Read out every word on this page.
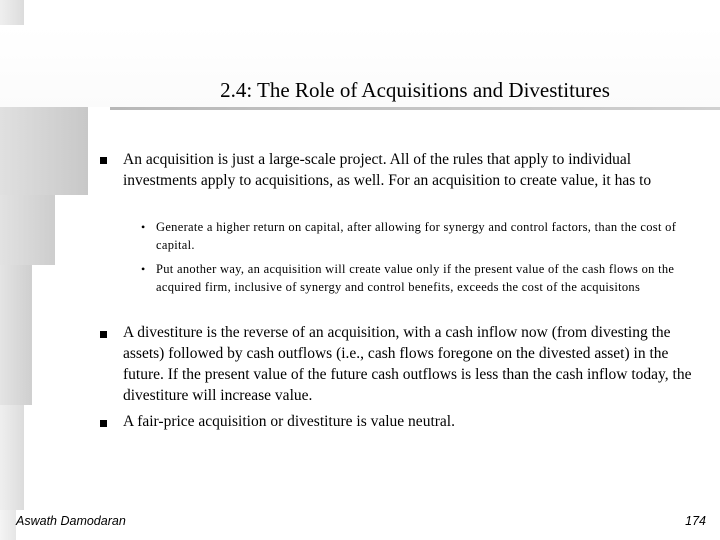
2.4: The Role of Acquisitions and Divestitures
An acquisition is just a large-scale project. All of the rules that apply to individual investments apply to acquisitions, as well. For an acquisition to create value, it has to
• Generate a higher return on capital, after allowing for synergy and control factors, than the cost of capital.
• Put another way, an acquisition will create value only if the present value of the cash flows on the acquired firm, inclusive of synergy and control benefits, exceeds the cost of the acquisitons
A divestiture is the reverse of an acquisition, with a cash inflow now (from divesting the assets) followed by cash outflows (i.e., cash flows foregone on the divested asset) in the future. If the present value of the future cash outflows is less than the cash inflow today, the divestiture will increase value.
A fair-price acquisition or divestiture is value neutral.
Aswath Damodaran	174
